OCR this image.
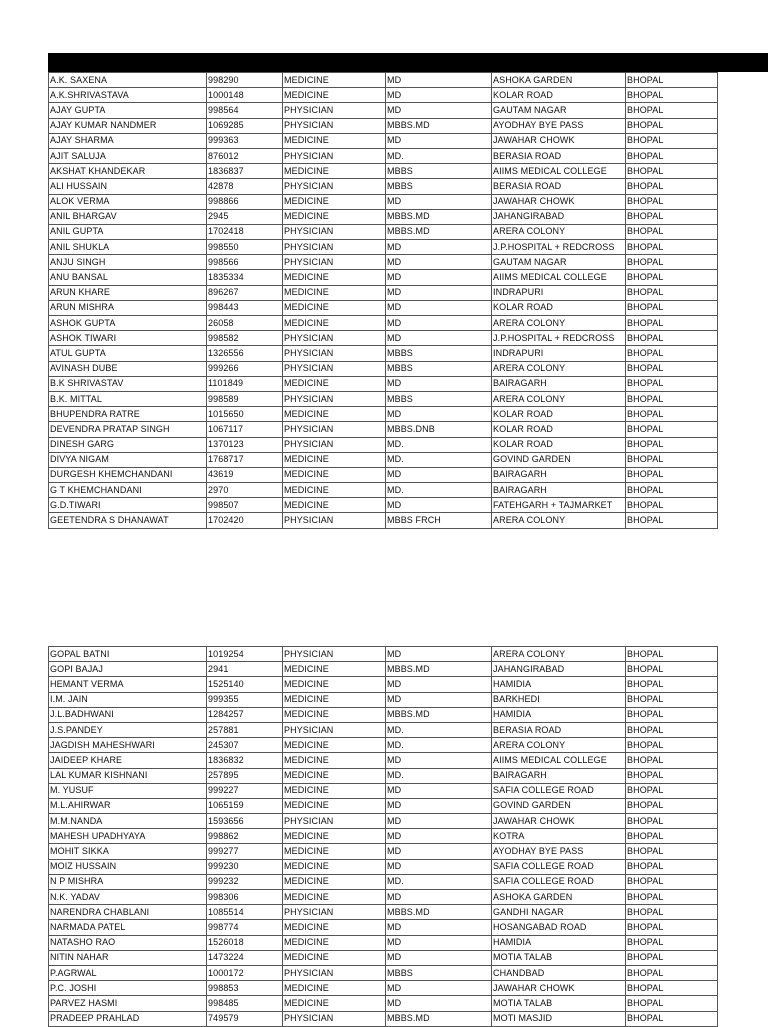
A.K. SAXENA	998290	MEDICINE	MD	ASHOKA GARDEN	BHOPAL
A.K.SHRIVASTAVA	1000148	MEDICINE	MD	KOLAR ROAD	BHOPAL
AJAY GUPTA	998564	PHYSICIAN	MD	GAUTAM NAGAR	BHOPAL
AJAY KUMAR NANDMER	1069285	PHYSICIAN	MBBS.MD	AYODHAY BYE PASS	BHOPAL
AJAY SHARMA	999363	MEDICINE	MD	JAWAHAR CHOWK	BHOPAL
AJIT SALUJA	876012	PHYSICIAN	MD.	BERASIA ROAD	BHOPAL
AKSHAT KHANDEKAR	1836837	MEDICINE	MBBS	AIIMS MEDICAL COLLEGE	BHOPAL
ALI HUSSAIN	42878	PHYSICIAN	MBBS	BERASIA ROAD	BHOPAL
ALOK VERMA	998866	MEDICINE	MD	JAWAHAR CHOWK	BHOPAL
ANIL BHARGAV	2945	MEDICINE	MBBS.MD	JAHANGIRABAD	BHOPAL
ANIL GUPTA	1702418	PHYSICIAN	MBBS.MD	ARERA COLONY	BHOPAL
ANIL SHUKLA	998550	PHYSICIAN	MD	J.P.HOSPITAL + REDCROSS	BHOPAL
ANJU SINGH	998566	PHYSICIAN	MD	GAUTAM NAGAR	BHOPAL
ANU BANSAL	1835334	MEDICINE	MD	AIIMS MEDICAL COLLEGE	BHOPAL
ARUN KHARE	896267	MEDICINE	MD	INDRAPURI	BHOPAL
ARUN MISHRA	998443	MEDICINE	MD	KOLAR ROAD	BHOPAL
ASHOK GUPTA	26058	MEDICINE	MD	ARERA COLONY	BHOPAL
ASHOK TIWARI	998582	PHYSICIAN	MD	J.P.HOSPITAL + REDCROSS	BHOPAL
ATUL GUPTA	1326556	PHYSICIAN	MBBS	INDRAPURI	BHOPAL
AVINASH DUBE	999266	PHYSICIAN	MBBS	ARERA COLONY	BHOPAL
B.K SHRIVASTAV	1101849	MEDICINE	MD	BAIRAGARH	BHOPAL
B.K. MITTAL	998589	PHYSICIAN	MBBS	ARERA COLONY	BHOPAL
BHUPENDRA RATRE	1015650	MEDICINE	MD	KOLAR ROAD	BHOPAL
DEVENDRA PRATAP SINGH	1067117	PHYSICIAN	MBBS.DNB	KOLAR ROAD	BHOPAL
DINESH GARG	1370123	PHYSICIAN	MD.	KOLAR ROAD	BHOPAL
DIVYA NIGAM	1768717	MEDICINE	MD.	GOVIND GARDEN	BHOPAL
DURGESH KHEMCHANDANI	43619	MEDICINE	MD	BAIRAGARH	BHOPAL
G T KHEMCHANDANI	2970	MEDICINE	MD.	BAIRAGARH	BHOPAL
G.D.TIWARI	998507	MEDICINE	MD	FATEHGARH + TAJMARKET	BHOPAL
GEETENDRA S DHANAWAT	1702420	PHYSICIAN	MBBS FRCH	ARERA COLONY	BHOPAL
GOPAL BATNI	1019254	PHYSICIAN	MD	ARERA COLONY	BHOPAL
GOPI BAJAJ	2941	MEDICINE	MBBS.MD	JAHANGIRABAD	BHOPAL
HEMANT VERMA	1525140	MEDICINE	MD	HAMIDIA	BHOPAL
I.M. JAIN	999355	MEDICINE	MD	BARKHEDI	BHOPAL
J.L.BADHWANI	1284257	MEDICINE	MBBS.MD	HAMIDIA	BHOPAL
J.S.PANDEY	257881	PHYSICIAN	MD.	BERASIA ROAD	BHOPAL
JAGDISH MAHESHWARI	245307	MEDICINE	MD.	ARERA COLONY	BHOPAL
JAIDEEP KHARE	1836832	MEDICINE	MD	AIIMS MEDICAL COLLEGE	BHOPAL
LAL KUMAR KISHNANI	257895	MEDICINE	MD.	BAIRAGARH	BHOPAL
M. YUSUF	999227	MEDICINE	MD	SAFIA COLLEGE ROAD	BHOPAL
M.L.AHIRWAR	1065159	MEDICINE	MD	GOVIND GARDEN	BHOPAL
M.M.NANDA	1593656	PHYSICIAN	MD	JAWAHAR CHOWK	BHOPAL
MAHESH UPADHYAYA	998862	MEDICINE	MD	KOTRA	BHOPAL
MOHIT SIKKA	999277	MEDICINE	MD	AYODHAY BYE PASS	BHOPAL
MOIZ HUSSAIN	999230	MEDICINE	MD	SAFIA COLLEGE ROAD	BHOPAL
N P MISHRA	999232	MEDICINE	MD.	SAFIA COLLEGE ROAD	BHOPAL
N.K. YADAV	998306	MEDICINE	MD	ASHOKA GARDEN	BHOPAL
NARENDRA CHABLANI	1085514	PHYSICIAN	MBBS.MD	GANDHI NAGAR	BHOPAL
NARMADA PATEL	998774	MEDICINE	MD	HOSANGABAD ROAD	BHOPAL
NATASHO RAO	1526018	MEDICINE	MD	HAMIDIA	BHOPAL
NITIN NAHAR	1473224	MEDICINE	MD	MOTIA TALAB	BHOPAL
P.AGRWAL	1000172	PHYSICIAN	MBBS	CHANDBAD	BHOPAL
P.C. JOSHI	998853	MEDICINE	MD	JAWAHAR CHOWK	BHOPAL
PARVEZ HASMI	998485	MEDICINE	MD	MOTIA TALAB	BHOPAL
PRADEEP PRAHLAD	749579	PHYSICIAN	MBBS.MD	MOTI MASJID	BHOPAL
